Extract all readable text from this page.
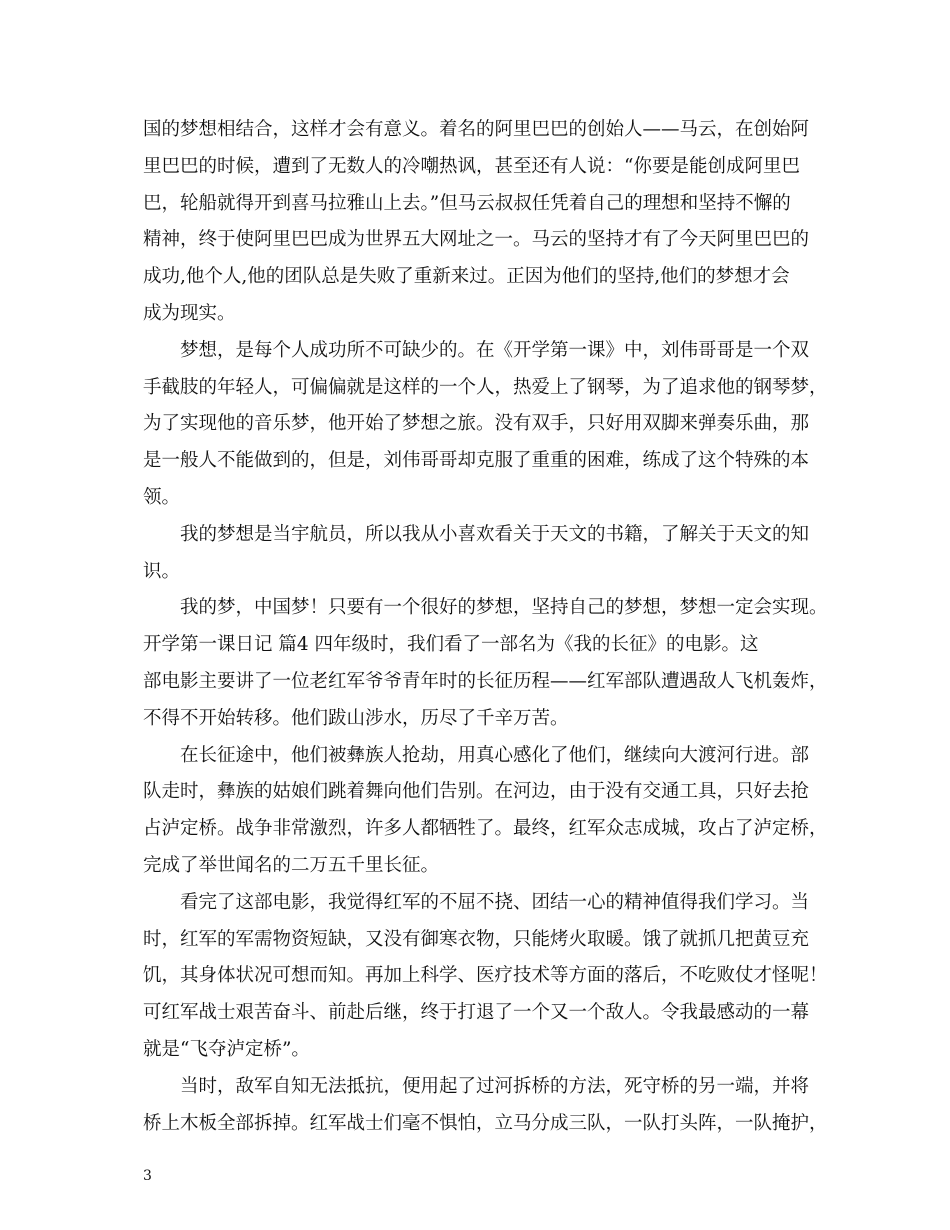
国的梦想相结合，这样才会有意义。着名的阿里巴巴的创始人——马云，在创始阿
里巴巴的时候，遭到了无数人的冷嘲热讽，甚至还有人说：“你要是能创成阿里巴
巴，轮船就得开到喜马拉雅山上去。”但马云叔叔任凭着自己的理想和坚持不懈的
精神，终于使阿里巴巴成为世界五大网址之一。马云的坚持才有了今天阿里巴巴的
成功,他个人,他的团队总是失败了重新来过。正因为他们的坚持,他们的梦想才会
成为现实。
梦想，是每个人成功所不可缺少的。在《开学第一课》中，刘伟哥哥是一个双
手截肢的年轻人，可偏偏就是这样的一个人，热爱上了钢琴，为了追求他的钢琴梦，
为了实现他的音乐梦，他开始了梦想之旅。没有双手，只好用双脚来弹奏乐曲，那
是一般人不能做到的，但是，刘伟哥哥却克服了重重的困难，练成了这个特殊的本
领。
我的梦想是当宇航员，所以我从小喜欢看关于天文的书籍，了解关于天文的知
识。
我的梦，中国梦！只要有一个很好的梦想，坚持自己的梦想，梦想一定会实现。
开学第一课日记 篇4 四年级时，我们看了一部名为《我的长征》的电影。这
部电影主要讲了一位老红军爷爷青年时的长征历程——红军部队遭遇敌人飞机轰炸，
不得不开始转移。他们跋山涉水，历尽了千辛万苦。
在长征途中，他们被彝族人抢劫，用真心感化了他们，继续向大渡河行进。部
队走时，彝族的姑娘们跳着舞向他们告别。在河边，由于没有交通工具，只好去抢
占泸定桥。战争非常激烈，许多人都牺牲了。最终，红军众志成城，攻占了泸定桥，
完成了举世闻名的二万五千里长征。
看完了这部电影，我觉得红军的不屈不挠、团结一心的精神值得我们学习。当
时，红军的军需物资短缺，又没有御寒衣物，只能烤火取暖。饿了就抓几把黄豆充
饥，其身体状况可想而知。再加上科学、医疗技术等方面的落后，不吃败仗才怪呢！
可红军战士艰苦奋斗、前赴后继，终于打退了一个又一个敌人。令我最感动的一幕
就是“飞夺泸定桥”。
当时，敌军自知无法抵抗，便用起了过河拆桥的方法，死守桥的另一端，并将
桥上木板全部拆掉。红军战士们毫不惧怕，立马分成三队，一队打头阵，一队掩护，
3
